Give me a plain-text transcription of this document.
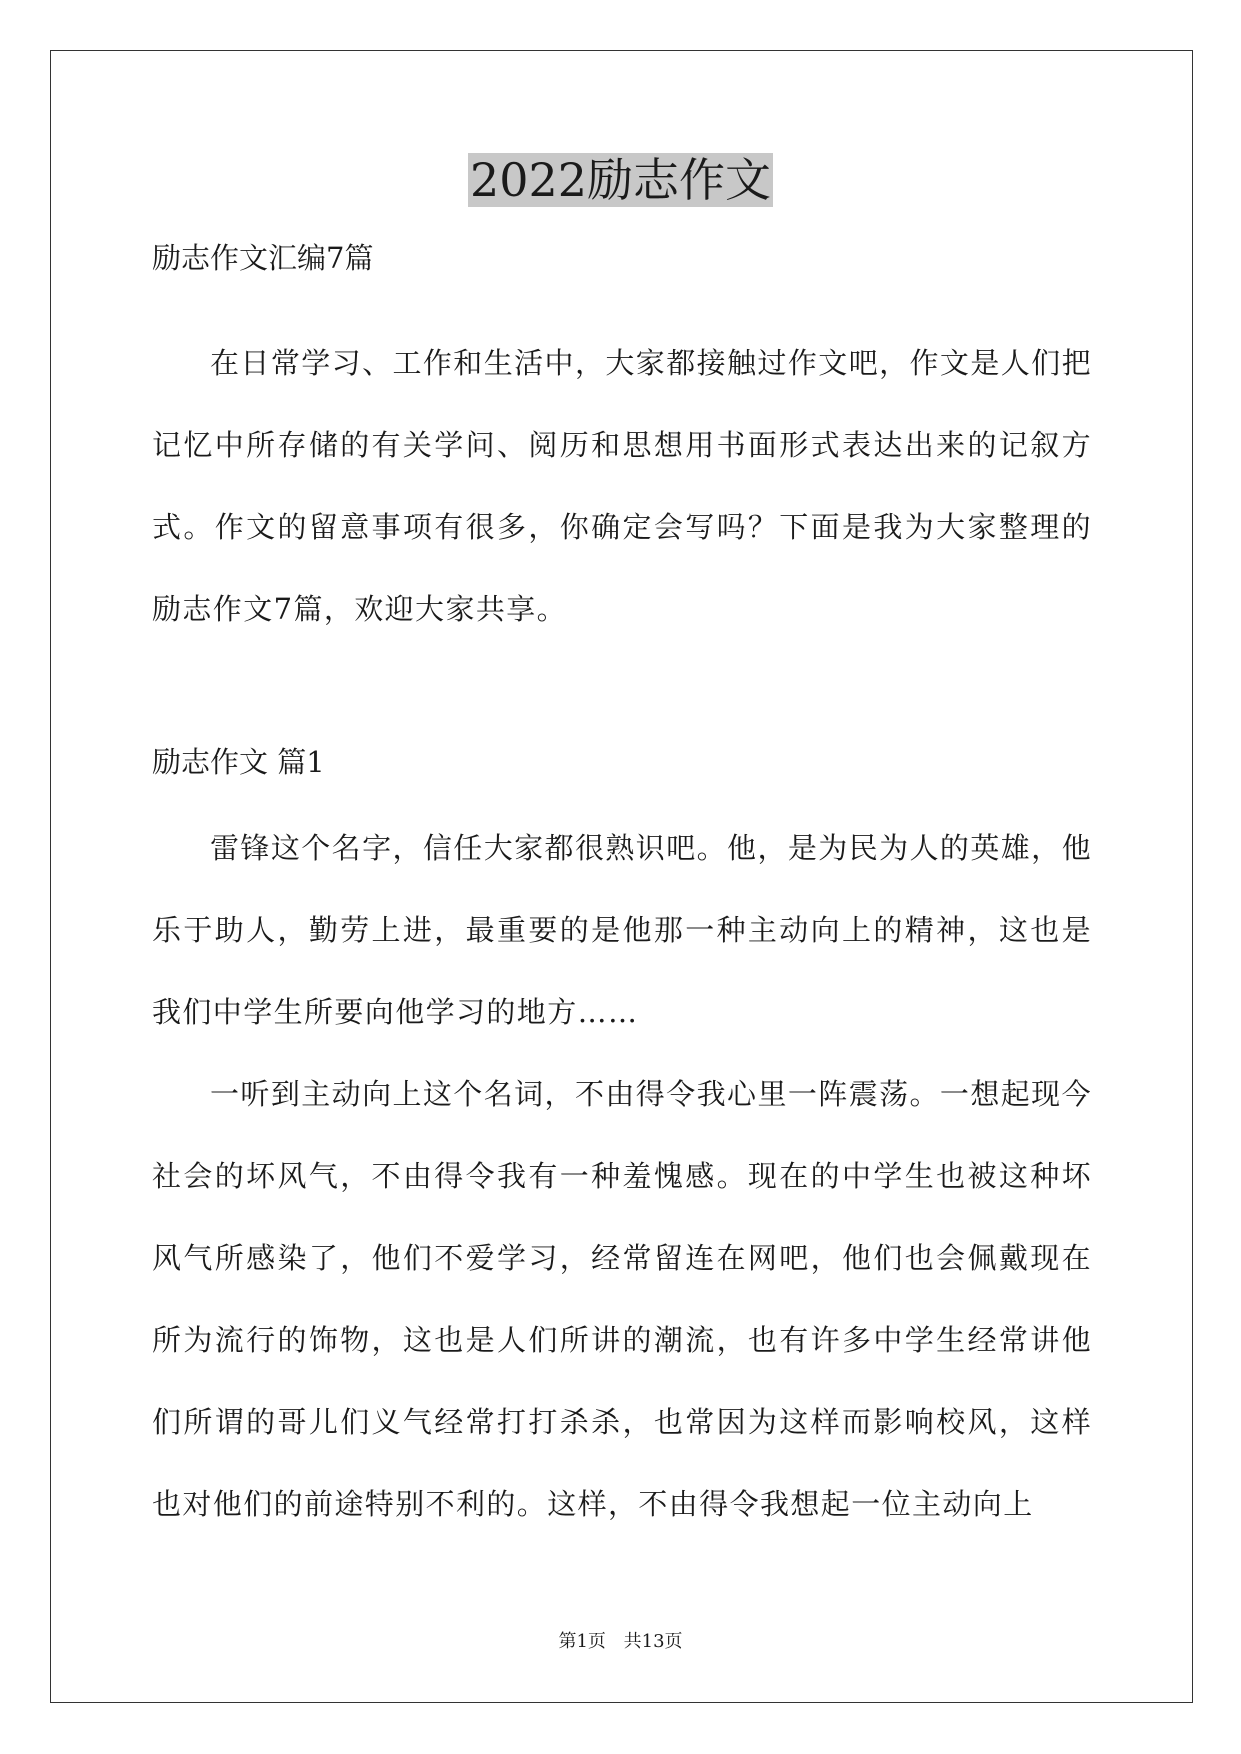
2022励志作文

励志作文汇编7篇

在日常学习、工作和生活中，大家都接触过作文吧，作文是人们把记忆中所存储的有关学问、阅历和思想用书面形式表达出来的记叙方式。作文的留意事项有很多，你确定会写吗？下面是我为大家整理的励志作文7篇，欢迎大家共享。

励志作文 篇1

雷锋这个名字，信任大家都很熟识吧。他，是为民为人的英雄，他乐于助人，勤劳上进，最重要的是他那一种主动向上的精神，这也是我们中学生所要向他学习的地方……

一听到主动向上这个名词，不由得令我心里一阵震荡。一想起现今社会的坏风气，不由得令我有一种羞愧感。现在的中学生也被这种坏风气所感染了，他们不爱学习，经常留连在网吧，他们也会佩戴现在所为流行的饰物，这也是人们所讲的潮流，也有许多中学生经常讲他们所谓的哥儿们义气经常打打杀杀，也常因为这样而影响校风，这样也对他们的前途特别不利的。这样，不由得令我想起一位主动向上

第1页 共13页
